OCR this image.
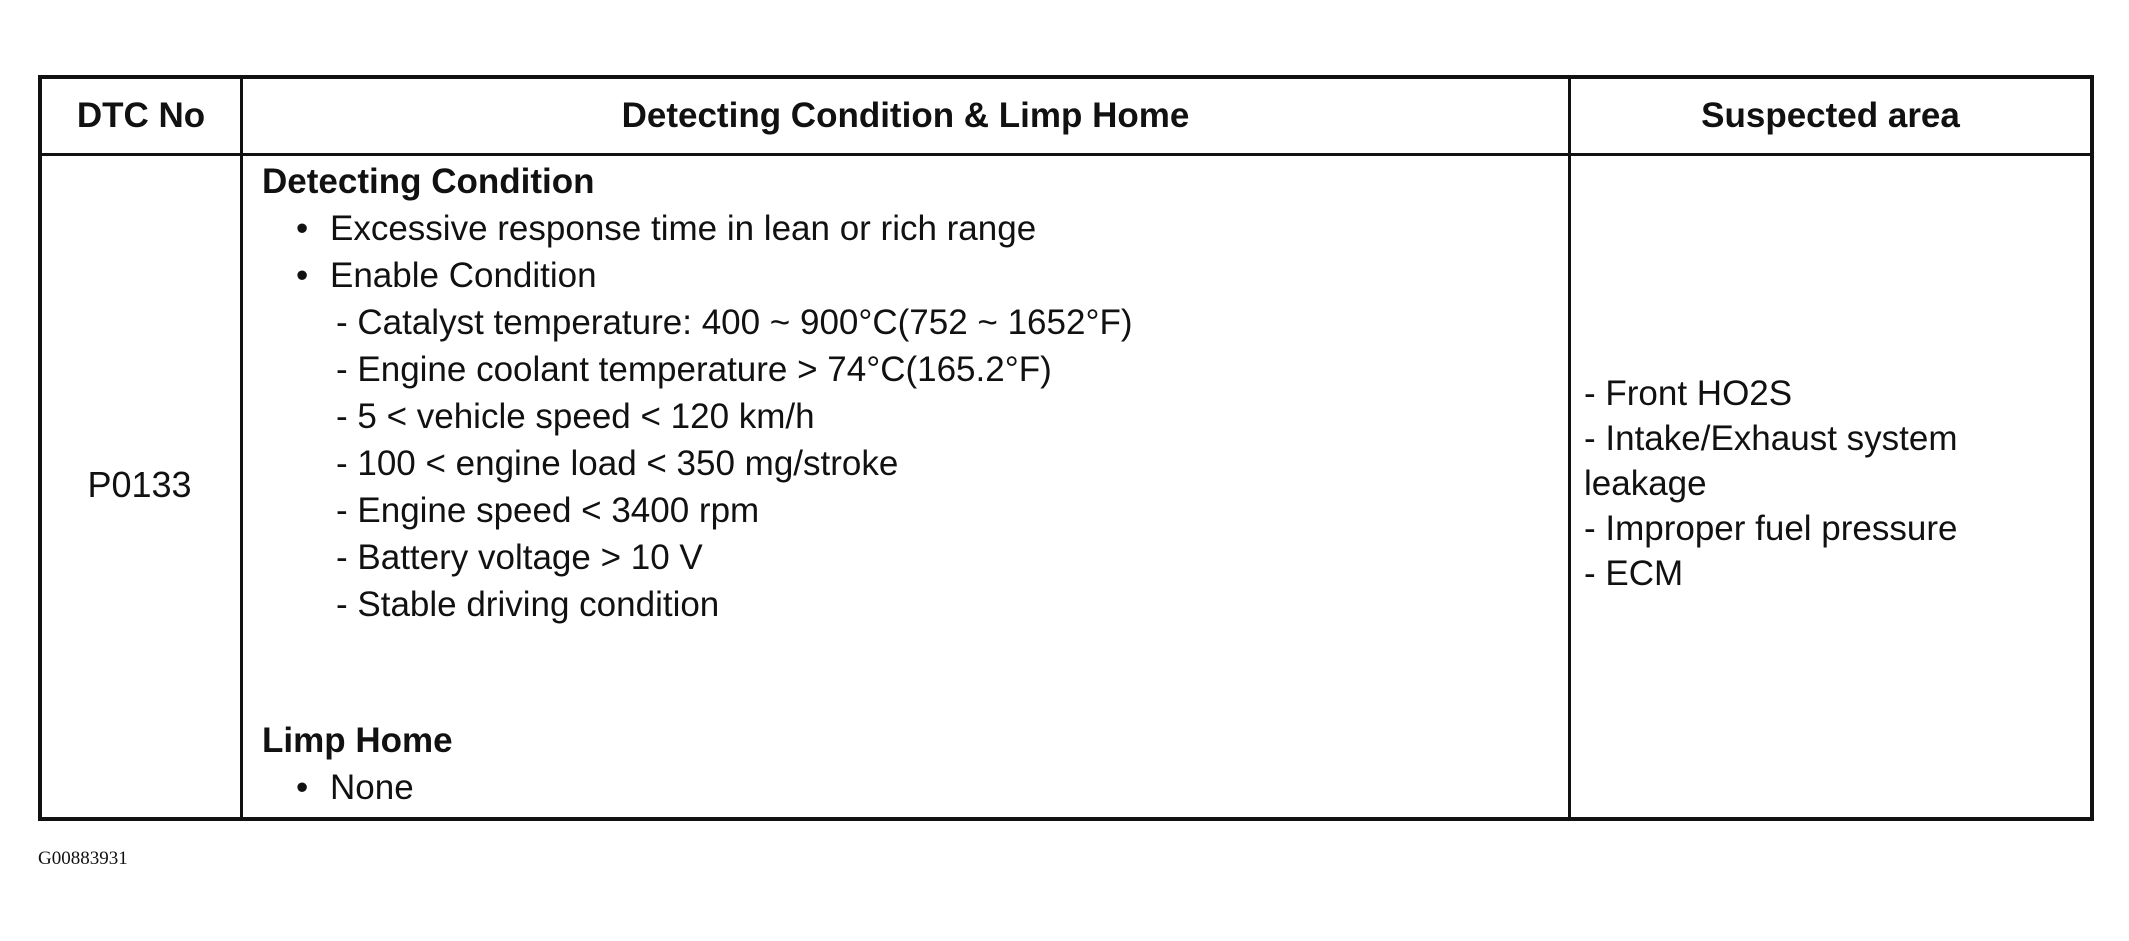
DTC No	Detecting Condition & Limp Home	Suspected area
P0133
Detecting Condition
• Excessive response time in lean or rich range
• Enable Condition
- Catalyst temperature: 400 ~ 900°C(752 ~ 1652°F)
- Engine coolant temperature > 74°C(165.2°F)
- 5 < vehicle speed < 120 km/h
- 100 < engine load < 350 mg/stroke
- Engine speed < 3400 rpm
- Battery voltage > 10 V
- Stable driving condition
Limp Home
• None
- Front HO2S
- Intake/Exhaust system
leakage
- Improper fuel pressure
- ECM
G00883931
